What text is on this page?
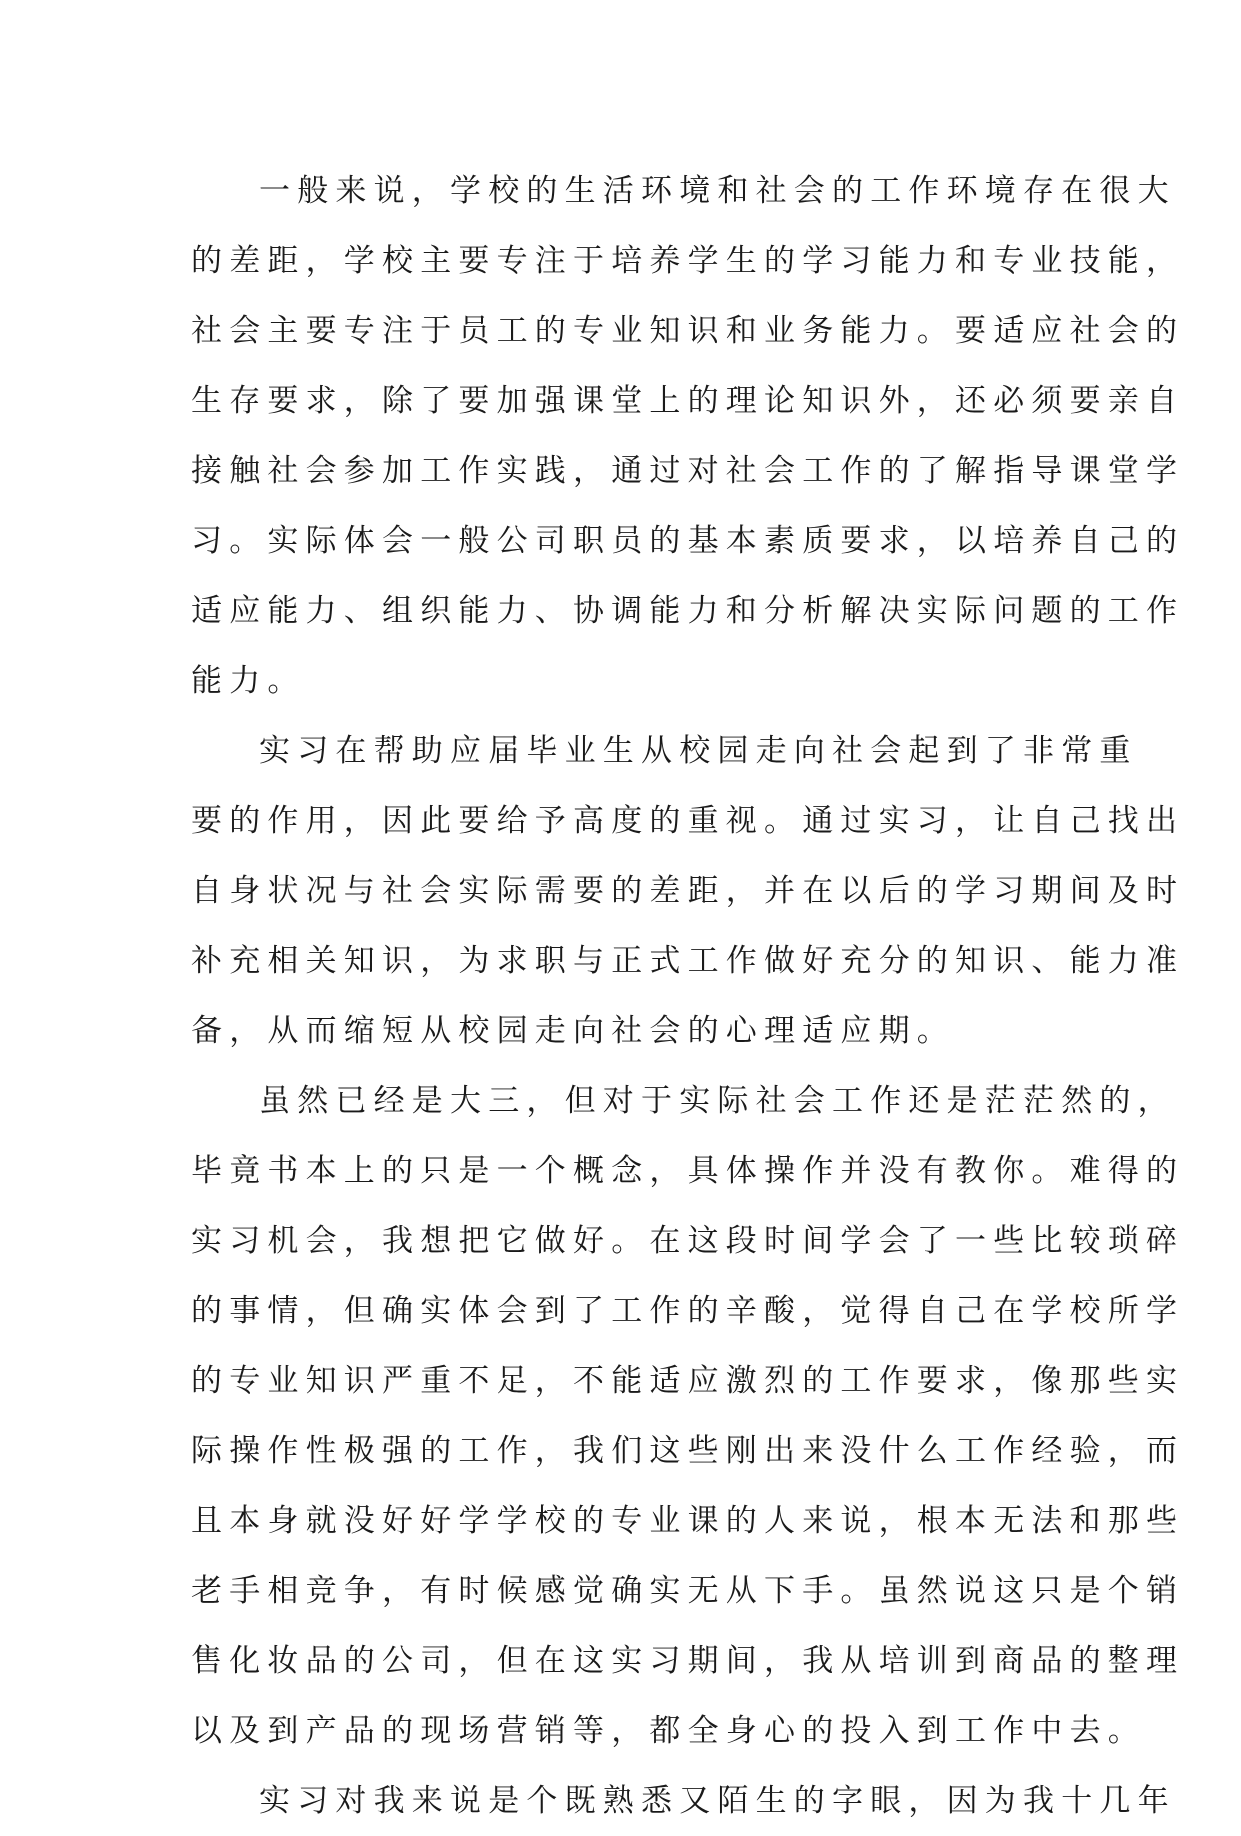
一般来说，学校的生活环境和社会的工作环境存在很大
的差距，学校主要专注于培养学生的学习能力和专业技能，
社会主要专注于员工的专业知识和业务能力。要适应社会的
生存要求，除了要加强课堂上的理论知识外，还必须要亲自
接触社会参加工作实践，通过对社会工作的了解指导课堂学
习。实际体会一般公司职员的基本素质要求，以培养自己的
适应能力、组织能力、协调能力和分析解决实际问题的工作
能力。
实习在帮助应届毕业生从校园走向社会起到了非常重
要的作用，因此要给予高度的重视。通过实习，让自己找出
自身状况与社会实际需要的差距，并在以后的学习期间及时
补充相关知识，为求职与正式工作做好充分的知识、能力准
备，从而缩短从校园走向社会的心理适应期。
虽然已经是大三，但对于实际社会工作还是茫茫然的，
毕竟书本上的只是一个概念，具体操作并没有教你。难得的
实习机会，我想把它做好。在这段时间学会了一些比较琐碎
的事情，但确实体会到了工作的辛酸，觉得自己在学校所学
的专业知识严重不足，不能适应激烈的工作要求，像那些实
际操作性极强的工作，我们这些刚出来没什么工作经验，而
且本身就没好好学学校的专业课的人来说，根本无法和那些
老手相竞争，有时候感觉确实无从下手。虽然说这只是个销
售化妆品的公司，但在这实习期间，我从培训到商品的整理
以及到产品的现场营销等，都全身心的投入到工作中去。
实习对我来说是个既熟悉又陌生的字眼，因为我十几年
